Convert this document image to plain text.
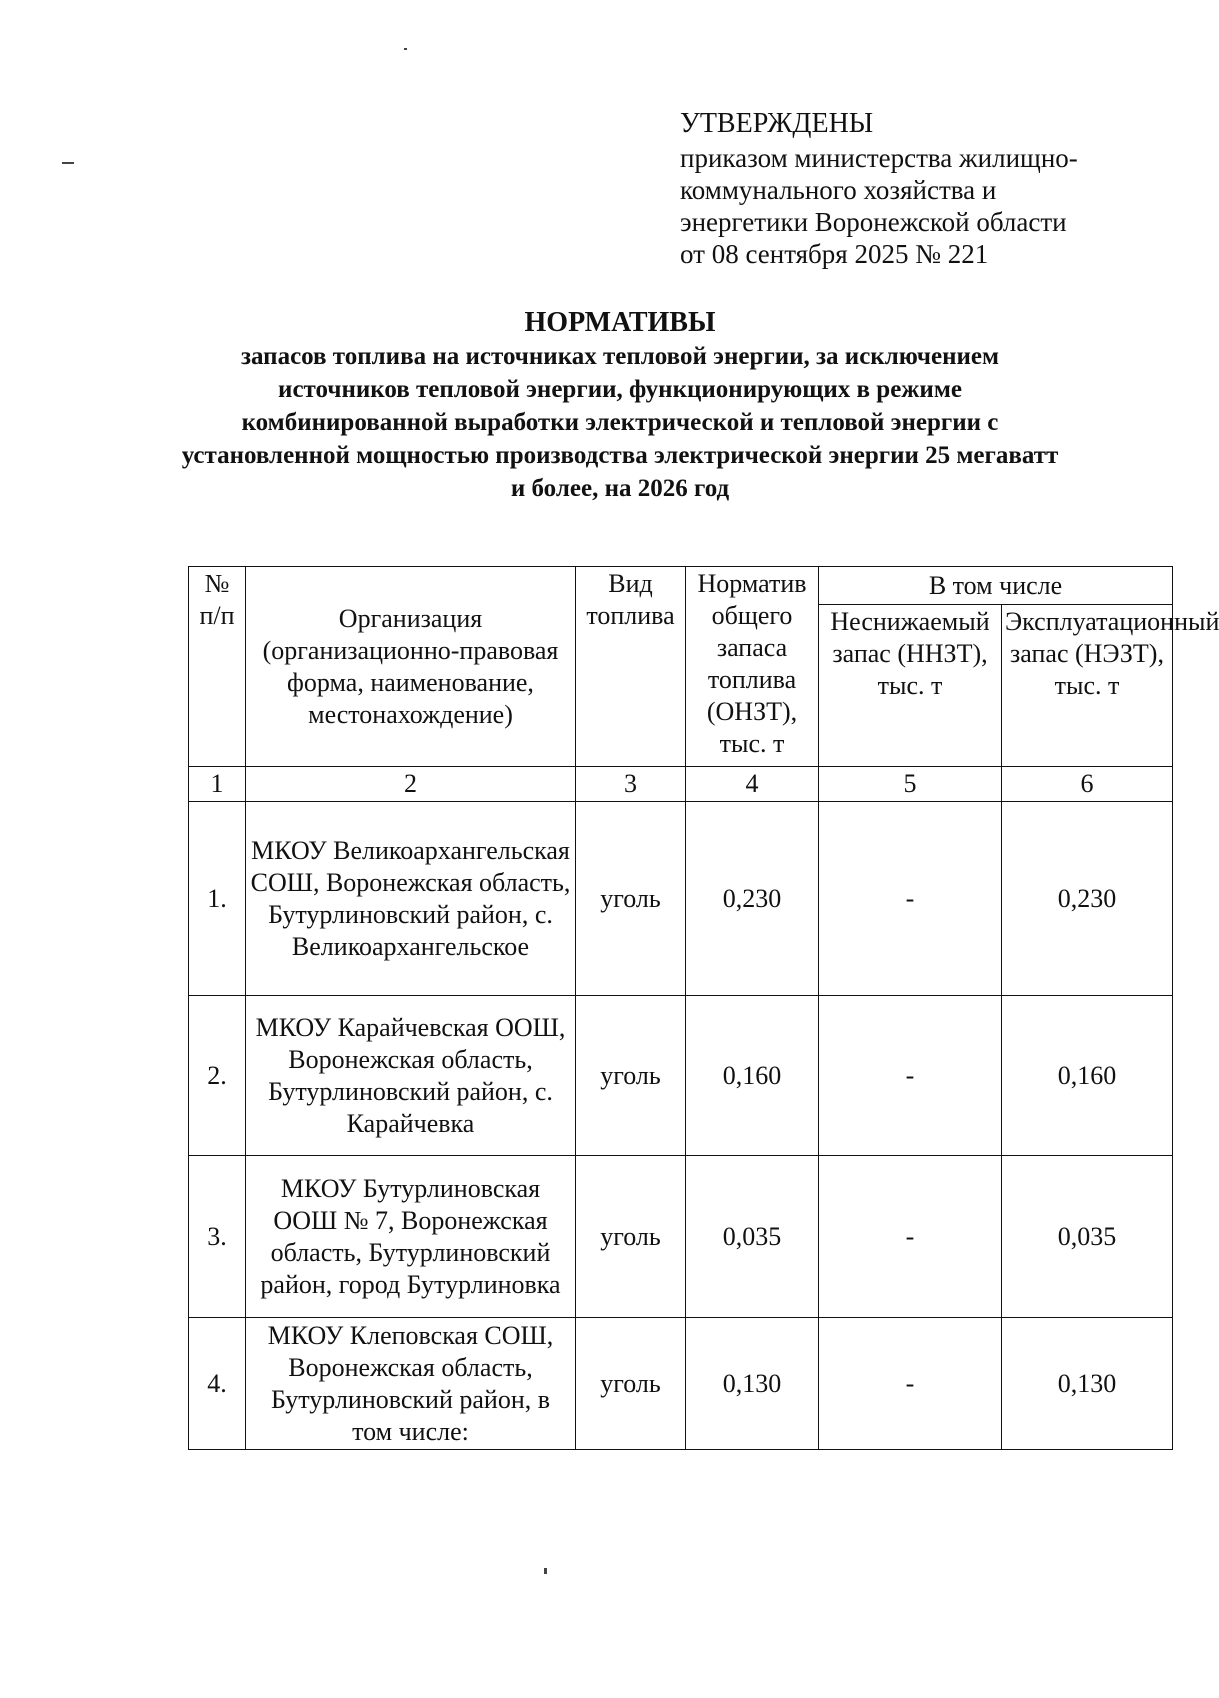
УТВЕРЖДЕНЫ
приказом министерства жилищно-
коммунального хозяйства и
энергетики Воронежской области
от 08 сентября 2025 № 221
НОРМАТИВЫ
запасов топлива на источниках тепловой энергии, за исключением источников тепловой энергии, функционирующих в режиме комбинированной выработки электрической и тепловой энергии с установленной мощностью производства электрической энергии 25 мегаватт и более, на 2026 год
№ п/п	Организация (организационно-правовая форма, наименование, местонахождение)	Вид топлива	Норматив общего запаса топлива (ОНЗТ), тыс. т	В том числе	
				Неснижаемый запас (ННЗТ), тыс. т	Эксплуатационный запас (НЭЗТ), тыс. т
1	2	3	4	5	6
1.	МКОУ Великоархангельская СОШ, Воронежская область, Бутурлиновский район, с. Великоархангельское	уголь	0,230	-	0,230
2.	МКОУ Карайчевская ООШ, Воронежская область, Бутурлиновский район, с. Карайчевка	уголь	0,160	-	0,160
3.	МКОУ Бутурлиновская ООШ № 7, Воронежская область, Бутурлиновский район, город Бутурлиновка	уголь	0,035	-	0,035
4.	МКОУ Клеповская СОШ, Воронежская область, Бутурлиновский район, в том числе:	уголь	0,130	-	0,130
